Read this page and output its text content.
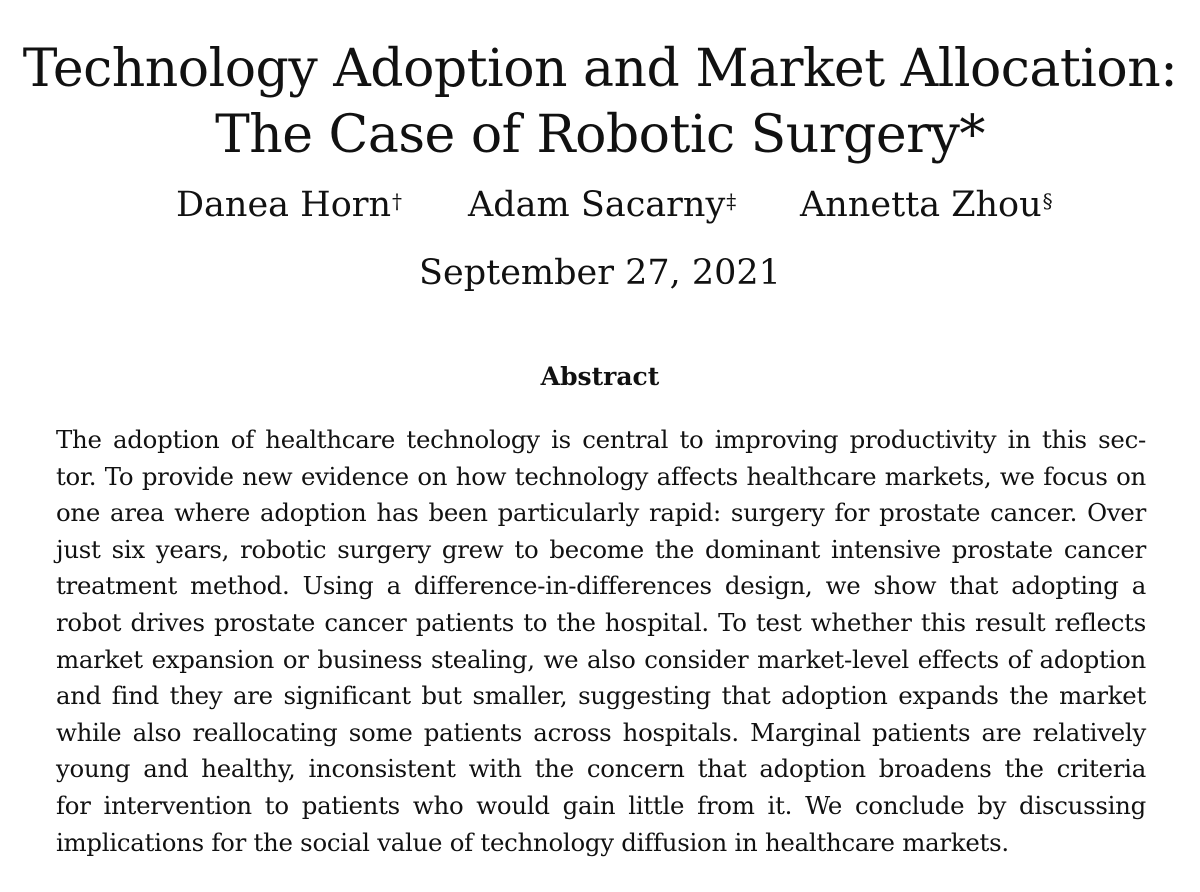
Technology Adoption and Market Allocation:
The Case of Robotic Surgery*
Danea Horn† Adam Sacarny‡ Annetta Zhou§
September 27, 2021
Abstract
The adoption of healthcare technology is central to improving productivity in this sec-
tor. To provide new evidence on how technology affects healthcare markets, we focus on
one area where adoption has been particularly rapid: surgery for prostate cancer. Over
just six years, robotic surgery grew to become the dominant intensive prostate cancer
treatment method. Using a difference-in-differences design, we show that adopting a
robot drives prostate cancer patients to the hospital. To test whether this result reflects
market expansion or business stealing, we also consider market-level effects of adoption
and find they are significant but smaller, suggesting that adoption expands the market
while also reallocating some patients across hospitals. Marginal patients are relatively
young and healthy, inconsistent with the concern that adoption broadens the criteria
for intervention to patients who would gain little from it. We conclude by discussing
implications for the social value of technology diffusion in healthcare markets.
